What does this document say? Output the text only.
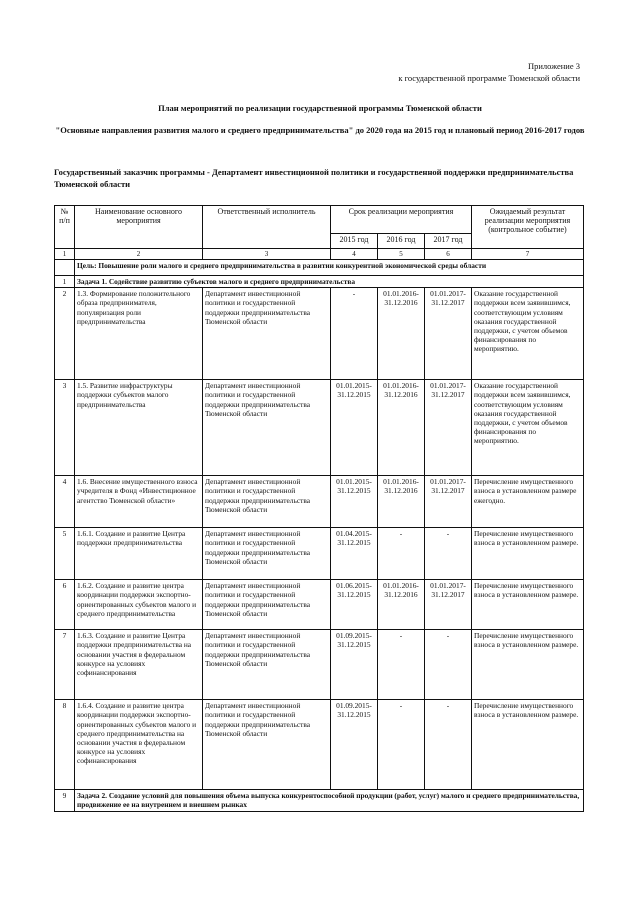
Приложение 3
к государственной программе Тюменской области
План мероприятий по реализации государственной программы Тюменской области
"Основные направления развития малого и среднего предпринимательства" до 2020 года на 2015 год и плановый период 2016-2017 годов
Государственный заказчик программы - Департамент инвестиционной политики и государственной поддержки предпринимательства Тюменской области
№ п/п	Наименование основного мероприятия	Ответственный исполнитель	Срок реализации мероприятия			Ожидаемый результат реализации мероприятия (контрольное событие)
			2015 год	2016 год	2017 год	
1	2	3	4	5	6	7
	Цель: Повышение роли малого и среднего предпринимательства в развитии конкурентной экономической среды области					
1	Задача 1. Содействие развитию субъектов малого и среднего предпринимательства					
2	1.3. Формирование положительного образа предпринимателя, популяризация роли предпринимательства	Департамент инвестиционной политики и государственной поддержки предпринимательства Тюменской области	-	01.01.2016-31.12.2016	01.01.2017-31.12.2017	Оказание государственной поддержки всем заявившимся, соответствующим условиям оказания государственной поддержки, с учетом объемов финансирования по мероприятию.
3	1.5. Развитие инфраструктуры поддержки субъектов малого предпринимательства	Департамент инвестиционной политики и государственной поддержки предпринимательства Тюменской области	01.01.2015-31.12.2015	01.01.2016-31.12.2016	01.01.2017-31.12.2017	Оказание государственной поддержки всем заявившимся, соответствующим условиям оказания государственной поддержки, с учетом объемов финансирования по мероприятию.
4	1.6. Внесение имущественного взноса учредителя в Фонд «Инвестиционное агентство Тюменской области»	Департамент инвестиционной политики и государственной поддержки предпринимательства Тюменской области	01.01.2015-31.12.2015	01.01.2016-31.12.2016	01.01.2017-31.12.2017	Перечисление имущественного взноса в установленном размере ежегодно.
5	1.6.1. Создание и развитие Центра поддержки предпринимательства	Департамент инвестиционной политики и государственной поддержки предпринимательства Тюменской области	01.04.2015-31.12.2015	-	-	Перечисление имущественного взноса в установленном размере.
6	1.6.2. Создание и развитие центра координации поддержки экспортно-ориентированных субъектов малого и среднего предпринимательства	Департамент инвестиционной политики и государственной поддержки предпринимательства Тюменской области	01.06.2015-31.12.2015	01.01.2016-31.12.2016	01.01.2017-31.12.2017	Перечисление имущественного взноса в установленном размере.
7	1.6.3. Создание и развитие Центра поддержки предпринимательства на основании участия в федеральном конкурсе на условиях софинансирования	Департамент инвестиционной политики и государственной поддержки предпринимательства Тюменской области	01.09.2015-31.12.2015	-	-	Перечисление имущественного взноса в установленном размере.
8	1.6.4. Создание и развитие центра координации поддержки экспортно-ориентированных субъектов малого и среднего предпринимательства на основании участия в федеральном конкурсе на условиях софинансирования	Департамент инвестиционной политики и государственной поддержки предпринимательства Тюменской области	01.09.2015-31.12.2015	-	-	Перечисление имущественного взноса в установленном размере.
9	Задача 2. Создание условий для повышения объема выпуска конкурентоспособной продукции (работ, услуг) малого и среднего предпринимательства, продвижение ее на внутреннем и внешнем рынках					
